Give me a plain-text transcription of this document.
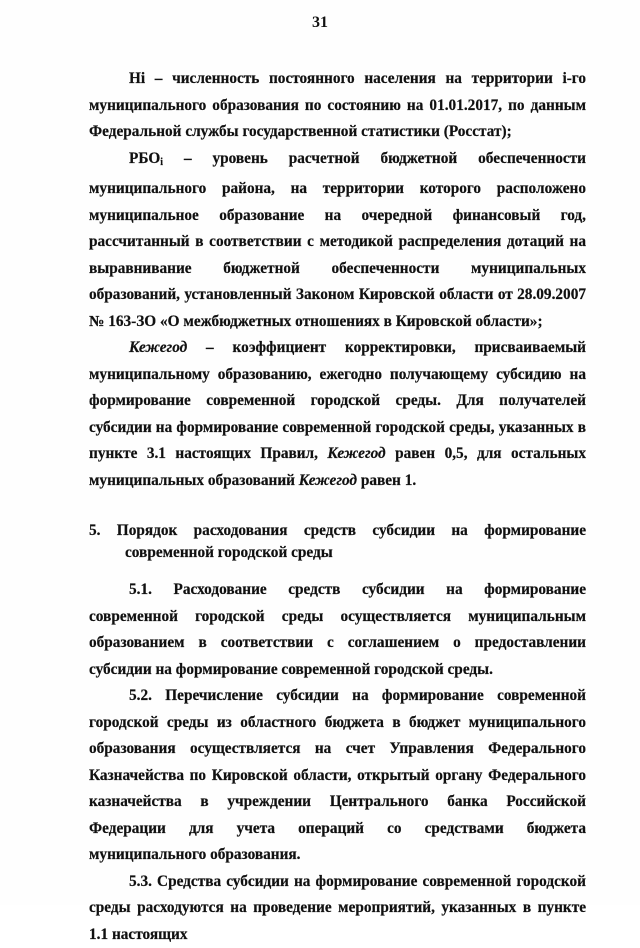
31

Hi – численность постоянного населения на территории i-го муниципального образования по состоянию на 01.01.2017, по данным Федеральной службы государственной статистики (Росстат);

$РБО_i$ – уровень расчетной бюджетной обеспеченности муниципального района, на территории которого расположено муниципальное образование на очередной финансовый год, рассчитанный в соответствии с методикой распределения дотаций на выравнивание бюджетной обеспеченности муниципальных образований, установленный Законом Кировской области от 28.09.2007 № 163-ЗО «О межбюджетных отношениях в Кировской области»;

Кежегод – коэффициент корректировки, присваиваемый муниципальному образованию, ежегодно получающему субсидию на формирование современной городской среды. Для получателей субсидии на формирование современной городской среды, указанных в пункте 3.1 настоящих Правил, Кежегод равен 0,5, для остальных муниципальных образований Кежегод равен 1.

5. Порядок расходования средств субсидии на формирование современной городской среды

5.1. Расходование средств субсидии на формирование современной городской среды осуществляется муниципальным образованием в соответствии с соглашением о предоставлении субсидии на формирование современной городской среды.

5.2. Перечисление субсидии на формирование современной городской среды из областного бюджета в бюджет муниципального образования осуществляется на счет Управления Федерального Казначейства по Кировской области, открытый органу Федерального казначейства в учреждении Центрального банка Российской Федерации для учета операций со средствами бюджета муниципального образования.

5.3. Средства субсидии на формирование современной городской среды расходуются на проведение мероприятий, указанных в пункте 1.1 настоящих
